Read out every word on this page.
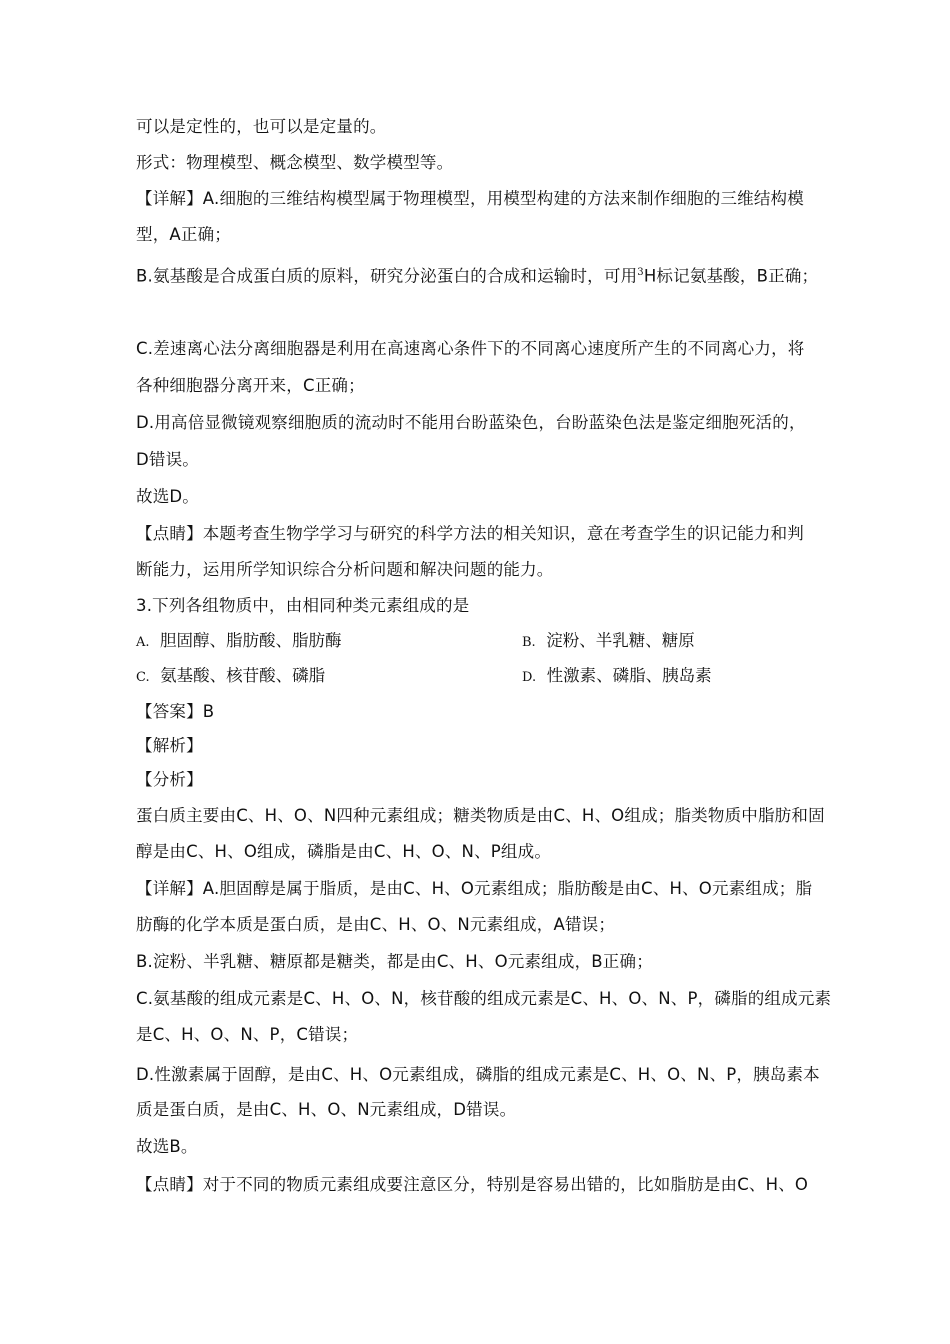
可以是定性的，也可以是定量的。
形式：物理模型、概念模型、数学模型等。
【详解】A.细胞的三维结构模型属于物理模型，用模型构建的方法来制作细胞的三维结构模
型，A正确；
B.氨基酸是合成蛋白质的原料，研究分泌蛋白的合成和运输时，可用$^3$H标记氨基酸，B正确；
C.差速离心法分离细胞器是利用在高速离心条件下的不同离心速度所产生的不同离心力，将
各种细胞器分离开来，C正确；
D.用高倍显微镜观察细胞质的流动时不能用台盼蓝染色，台盼蓝染色法是鉴定细胞死活的，
D错误。
故选D。
【点睛】本题考查生物学学习与研究的科学方法的相关知识，意在考查学生的识记能力和判
断能力，运用所学知识综合分析问题和解决问题的能力。
3.下列各组物质中，由相同种类元素组成的是
A. 胆固醇、脂肪酸、脂肪酶	B. 淀粉、半乳糖、糖原
C. 氨基酸、核苷酸、磷脂	D. 性激素、磷脂、胰岛素
【答案】B
【解析】
【分析】
蛋白质主要由C、H、O、N四种元素组成；糖类物质是由C、H、O组成；脂类物质中脂肪和固
醇是由C、H、O组成，磷脂是由C、H、O、N、P组成。
【详解】A.胆固醇是属于脂质，是由C、H、O元素组成；脂肪酸是由C、H、O元素组成；脂
肪酶的化学本质是蛋白质，是由C、H、O、N元素组成，A错误；
B.淀粉、半乳糖、糖原都是糖类，都是由C、H、O元素组成，B正确；
C.氨基酸的组成元素是C、H、O、N，核苷酸的组成元素是C、H、O、N、P，磷脂的组成元素
是C、H、O、N、P，C错误；
D.性激素属于固醇，是由C、H、O元素组成，磷脂的组成元素是C、H、O、N、P，胰岛素本
质是蛋白质，是由C、H、O、N元素组成，D错误。
故选B。
【点睛】对于不同的物质元素组成要注意区分，特别是容易出错的，比如脂肪是由C、H、O
